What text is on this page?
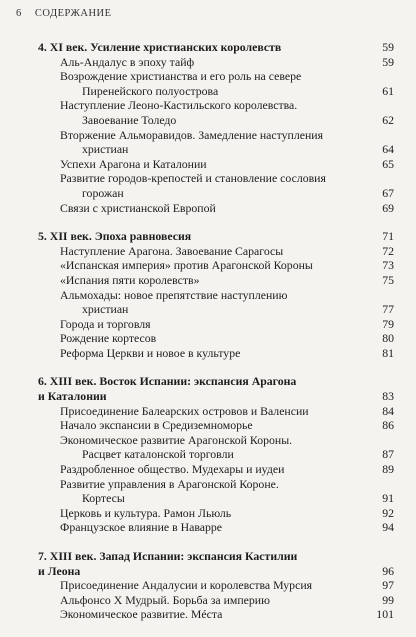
6 СОДЕРЖАНИЕ
4. XI век. Усиление христианских королевств	59
Аль-Андалус в эпоху тайф	59
Возрождение христианства и его роль на севере
Пиренейского полуострова	61
Наступление Леоно-Кастильского королевства.
Завоевание Толедо	62
Вторжение Альморавидов. Замедление наступления
христиан	64
Успехи Арагона и Каталонии	65
Развитие городов-крепостей и становление сословия
горожан	67
Связи с христианской Европой	69
5. XII век. Эпоха равновесия	71
Наступление Арагона. Завоевание Сарагосы	72
«Испанская империя» против Арагонской Короны	73
«Испания пяти королевств»	75
Альмохады: новое препятствие наступлению
христиан	77
Города и торговля	79
Рождение кортесов	80
Реформа Церкви и новое в культуре	81
6. XIII век. Восток Испании: экспансия Арагона
и Каталонии	83
Присоединение Балеарских островов и Валенсии	84
Начало экспансии в Средиземноморье	86
Экономическое развитие Арагонской Короны.
Расцвет каталонской торговли	87
Раздробленное общество. Мудехары и иудеи	89
Развитие управления в Арагонской Короне.
Кортесы	91
Церковь и культура. Рамон Льюль	92
Французское влияние в Наварре	94
7. XIII век. Запад Испании: экспансия Кастилии
и Леона	96
Присоединение Андалусии и королевства Мурсия	97
Альфонсо X Мудрый. Борьба за империю	99
Экономическое развитие. Мéста	101
